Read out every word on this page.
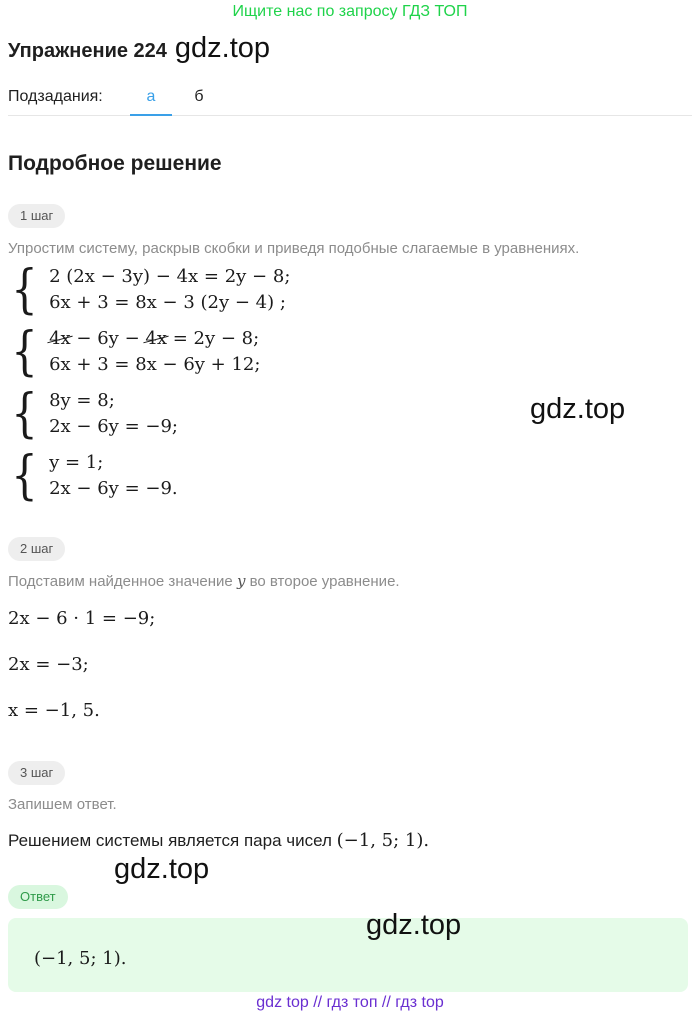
Ищите нас по запросу ГДЗ ТОП
Упражнение 224 gdz.top
Подзадания:	а	б
Подробное решение
1 шаг
Упростим систему, раскрыв скобки и приведя подобные слагаемые в уравнениях.
{ 2 (2x − 3y) − 4x = 2y − 8;
6x + 3 = 8x − 3 (2y − 4) ;
{ 4x − 6y − 4x = 2y − 8;
6x + 3 = 8x − 6y + 12;
{ 8y = 8;
2x − 6y = −9;
{ y = 1;
2x − 6y = −9.
gdz.top
2 шаг
Подставим найденное значение y во второе уравнение.
2x − 6 · 1 = −9;
2x = −3;
x = −1, 5.
3 шаг
Запишем ответ.
Решением системы является пара чисел (−1, 5; 1).
gdz.top
Ответ
(−1, 5; 1).
gdz.top
gdz top // гдз топ // гдз top
